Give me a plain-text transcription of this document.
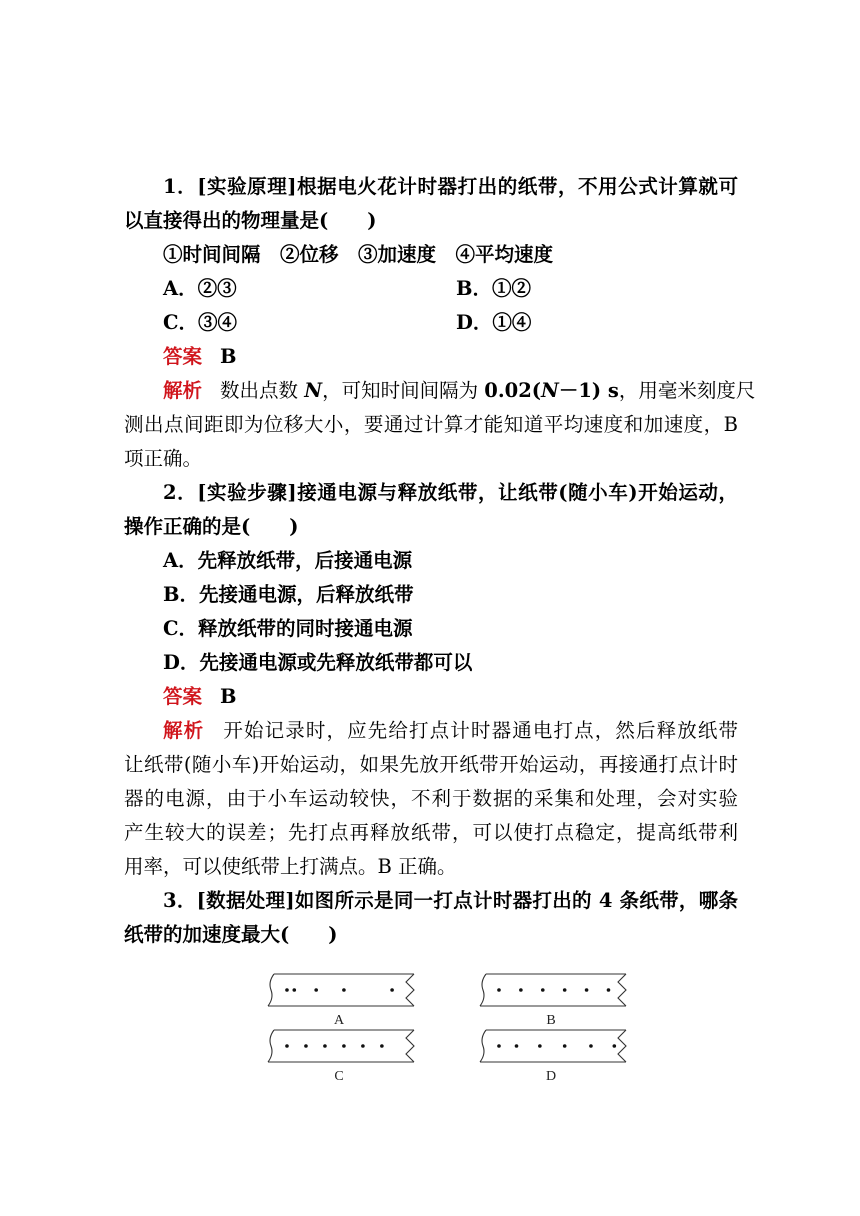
1．[实验原理]根据电火花计时器打出的纸带，不用公式计算就可
以直接得出的物理量是(　　)
①时间间隔　②位移　③加速度　④平均速度
A．②③	B．①②
C．③④	D．①④
答案 B
解析 数出点数 N，可知时间间隔为 0.02(N－1) s，用毫米刻度尺
测出点间距即为位移大小，要通过计算才能知道平均速度和加速度，B
项正确。
2．[实验步骤]接通电源与释放纸带，让纸带(随小车)开始运动，
操作正确的是(　　)
A．先释放纸带，后接通电源
B．先接通电源，后释放纸带
C．释放纸带的同时接通电源
D．先接通电源或先释放纸带都可以
答案 B
解析 开始记录时，应先给打点计时器通电打点，然后释放纸带
让纸带(随小车)开始运动，如果先放开纸带开始运动，再接通打点计时
器的电源，由于小车运动较快，不利于数据的采集和处理，会对实验
产生较大的误差；先打点再释放纸带，可以使打点稳定，提高纸带利
用率，可以使纸带上打满点。B 正确。
3．[数据处理]如图所示是同一打点计时器打出的 4 条纸带，哪条
纸带的加速度最大(　　)
A	B
C	D
